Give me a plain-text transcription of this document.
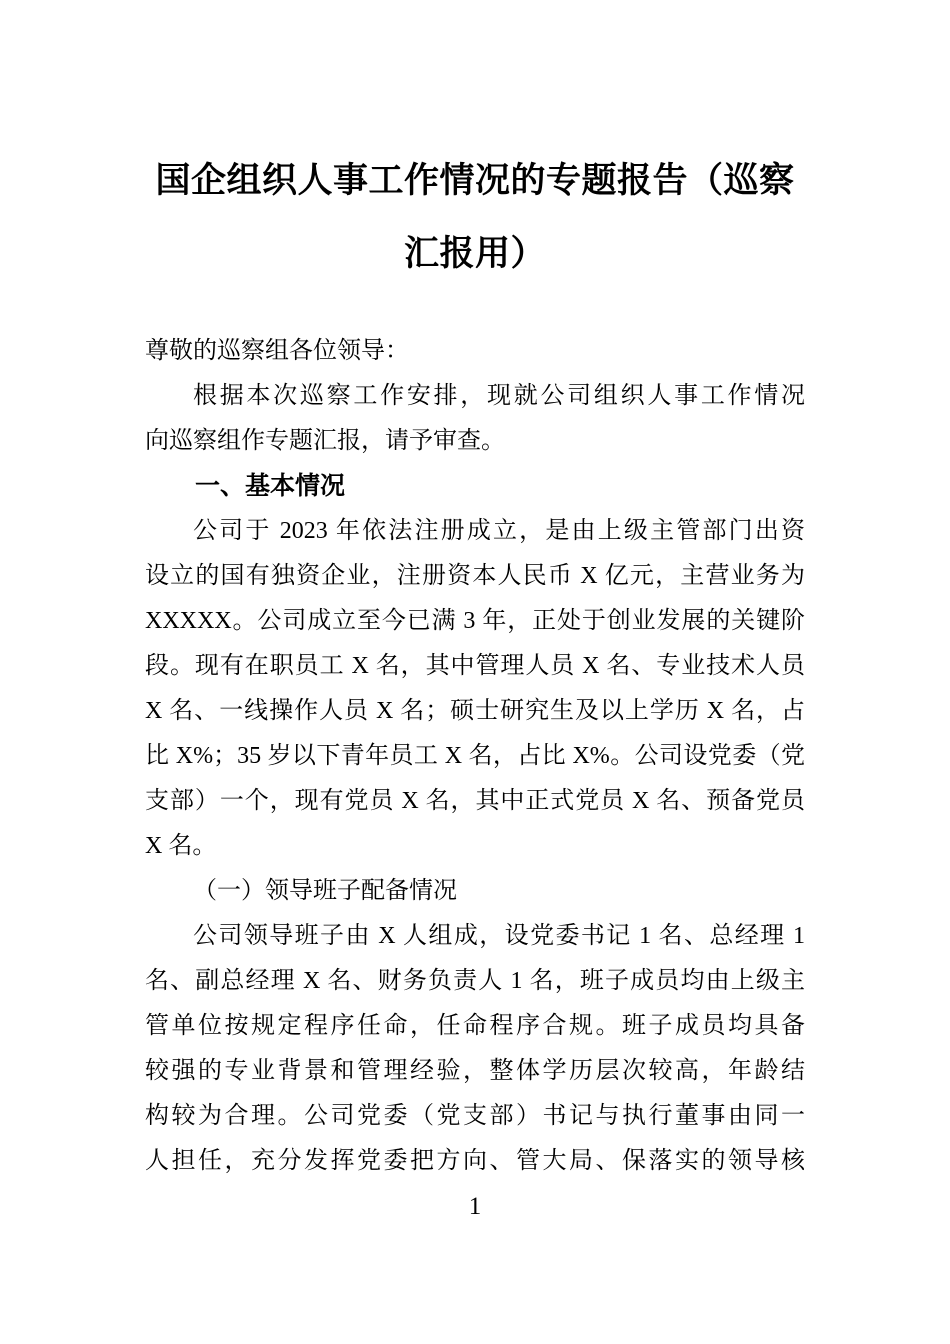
国企组织人事工作情况的专题报告（巡察
汇报用）
尊敬的巡察组各位领导：
根据本次巡察工作安排，现就公司组织人事工作情况
向巡察组作专题汇报，请予审查。
一、基本情况
公司于 2023 年依法注册成立，是由上级主管部门出资
设立的国有独资企业，注册资本人民币 X 亿元，主营业务为
XXXXX。公司成立至今已满 3 年，正处于创业发展的关键阶
段。现有在职员工 X 名，其中管理人员 X 名、专业技术人员
X 名、一线操作人员 X 名；硕士研究生及以上学历 X 名，占
比 X%；35 岁以下青年员工 X 名，占比 X%。公司设党委（党
支部）一个，现有党员 X 名，其中正式党员 X 名、预备党员
X 名。
（一）领导班子配备情况
公司领导班子由 X 人组成，设党委书记 1 名、总经理 1
名、副总经理 X 名、财务负责人 1 名，班子成员均由上级主
管单位按规定程序任命，任命程序合规。班子成员均具备
较强的专业背景和管理经验，整体学历层次较高，年龄结
构较为合理。公司党委（党支部）书记与执行董事由同一
人担任，充分发挥党委把方向、管大局、保落实的领导核
1
